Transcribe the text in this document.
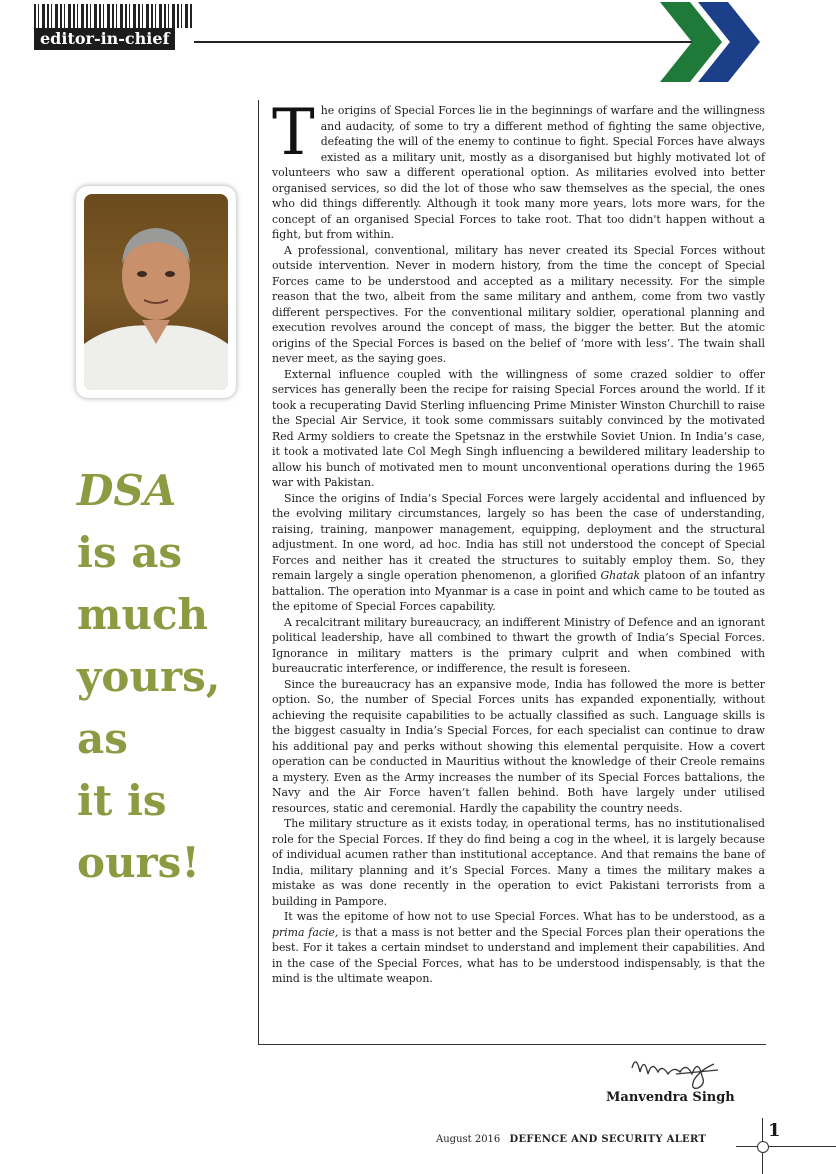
editor-in-chief
DSA
is as
much
yours,
as
it is
ours!

The origins of Special Forces lie in the beginnings of warfare and the willingness and audacity, of some to try a different method of fighting the same objective, defeating the will of the enemy to continue to fight. Special Forces have always existed as a military unit, mostly as a disorganised but highly motivated lot of volunteers who saw a different operational option. As militaries evolved into better organised services, so did the lot of those who saw themselves as the special, the ones who did things differently. Although it took many more years, lots more wars, for the concept of an organised Special Forces to take root. That too didn't happen without a fight, but from within.

A professional, conventional, military has never created its Special Forces without outside intervention. Never in modern history, from the time the concept of Special Forces came to be understood and accepted as a military necessity. For the simple reason that the two, albeit from the same military and anthem, come from two vastly different perspectives. For the conventional military soldier, operational planning and execution revolves around the concept of mass, the bigger the better. But the atomic origins of the Special Forces is based on the belief of ‘more with less’. The twain shall never meet, as the saying goes.

External influence coupled with the willingness of some crazed soldier to offer services has generally been the recipe for raising Special Forces around the world. If it took a recuperating David Sterling influencing Prime Minister Winston Churchill to raise the Special Air Service, it took some commissars suitably convinced by the motivated Red Army soldiers to create the Spetsnaz in the erstwhile Soviet Union. In India’s case, it took a motivated late Col Megh Singh influencing a bewildered military leadership to allow his bunch of motivated men to mount unconventional operations during the 1965 war with Pakistan.

Since the origins of India’s Special Forces were largely accidental and influenced by the evolving military circumstances, largely so has been the case of understanding, raising, training, manpower management, equipping, deployment and the structural adjustment. In one word, ad hoc. India has still not understood the concept of Special Forces and neither has it created the structures to suitably employ them. So, they remain largely a single operation phenomenon, a glorified Ghatak platoon of an infantry battalion. The operation into Myanmar is a case in point and which came to be touted as the epitome of Special Forces capability.

A recalcitrant military bureaucracy, an indifferent Ministry of Defence and an ignorant political leadership, have all combined to thwart the growth of India’s Special Forces. Ignorance in military matters is the primary culprit and when combined with bureaucratic interference, or indifference, the result is foreseen.

Since the bureaucracy has an expansive mode, India has followed the more is better option. So, the number of Special Forces units has expanded exponentially, without achieving the requisite capabilities to be actually classified as such. Language skills is the biggest casualty in India’s Special Forces, for each specialist can continue to draw his additional pay and perks without showing this elemental perquisite. How a covert operation can be conducted in Mauritius without the knowledge of their Creole remains a mystery. Even as the Army increases the number of its Special Forces battalions, the Navy and the Air Force haven’t fallen behind. Both have largely under utilised resources, static and ceremonial. Hardly the capability the country needs.

The military structure as it exists today, in operational terms, has no institutionalised role for the Special Forces. If they do find being a cog in the wheel, it is largely because of individual acumen rather than institutional acceptance. And that remains the bane of India, military planning and it’s Special Forces. Many a times the military makes a mistake as was done recently in the operation to evict Pakistani terrorists from a building in Pampore.

It was the epitome of how not to use Special Forces. What has to be understood, as a prima facie, is that a mass is not better and the Special Forces plan their operations the best. For it takes a certain mindset to understand and implement their capabilities. And in the case of the Special Forces, what has to be understood indispensably, is that the mind is the ultimate weapon.

Manvendra Singh
August 2016 DEFENCE AND SECURITY ALERT	1
